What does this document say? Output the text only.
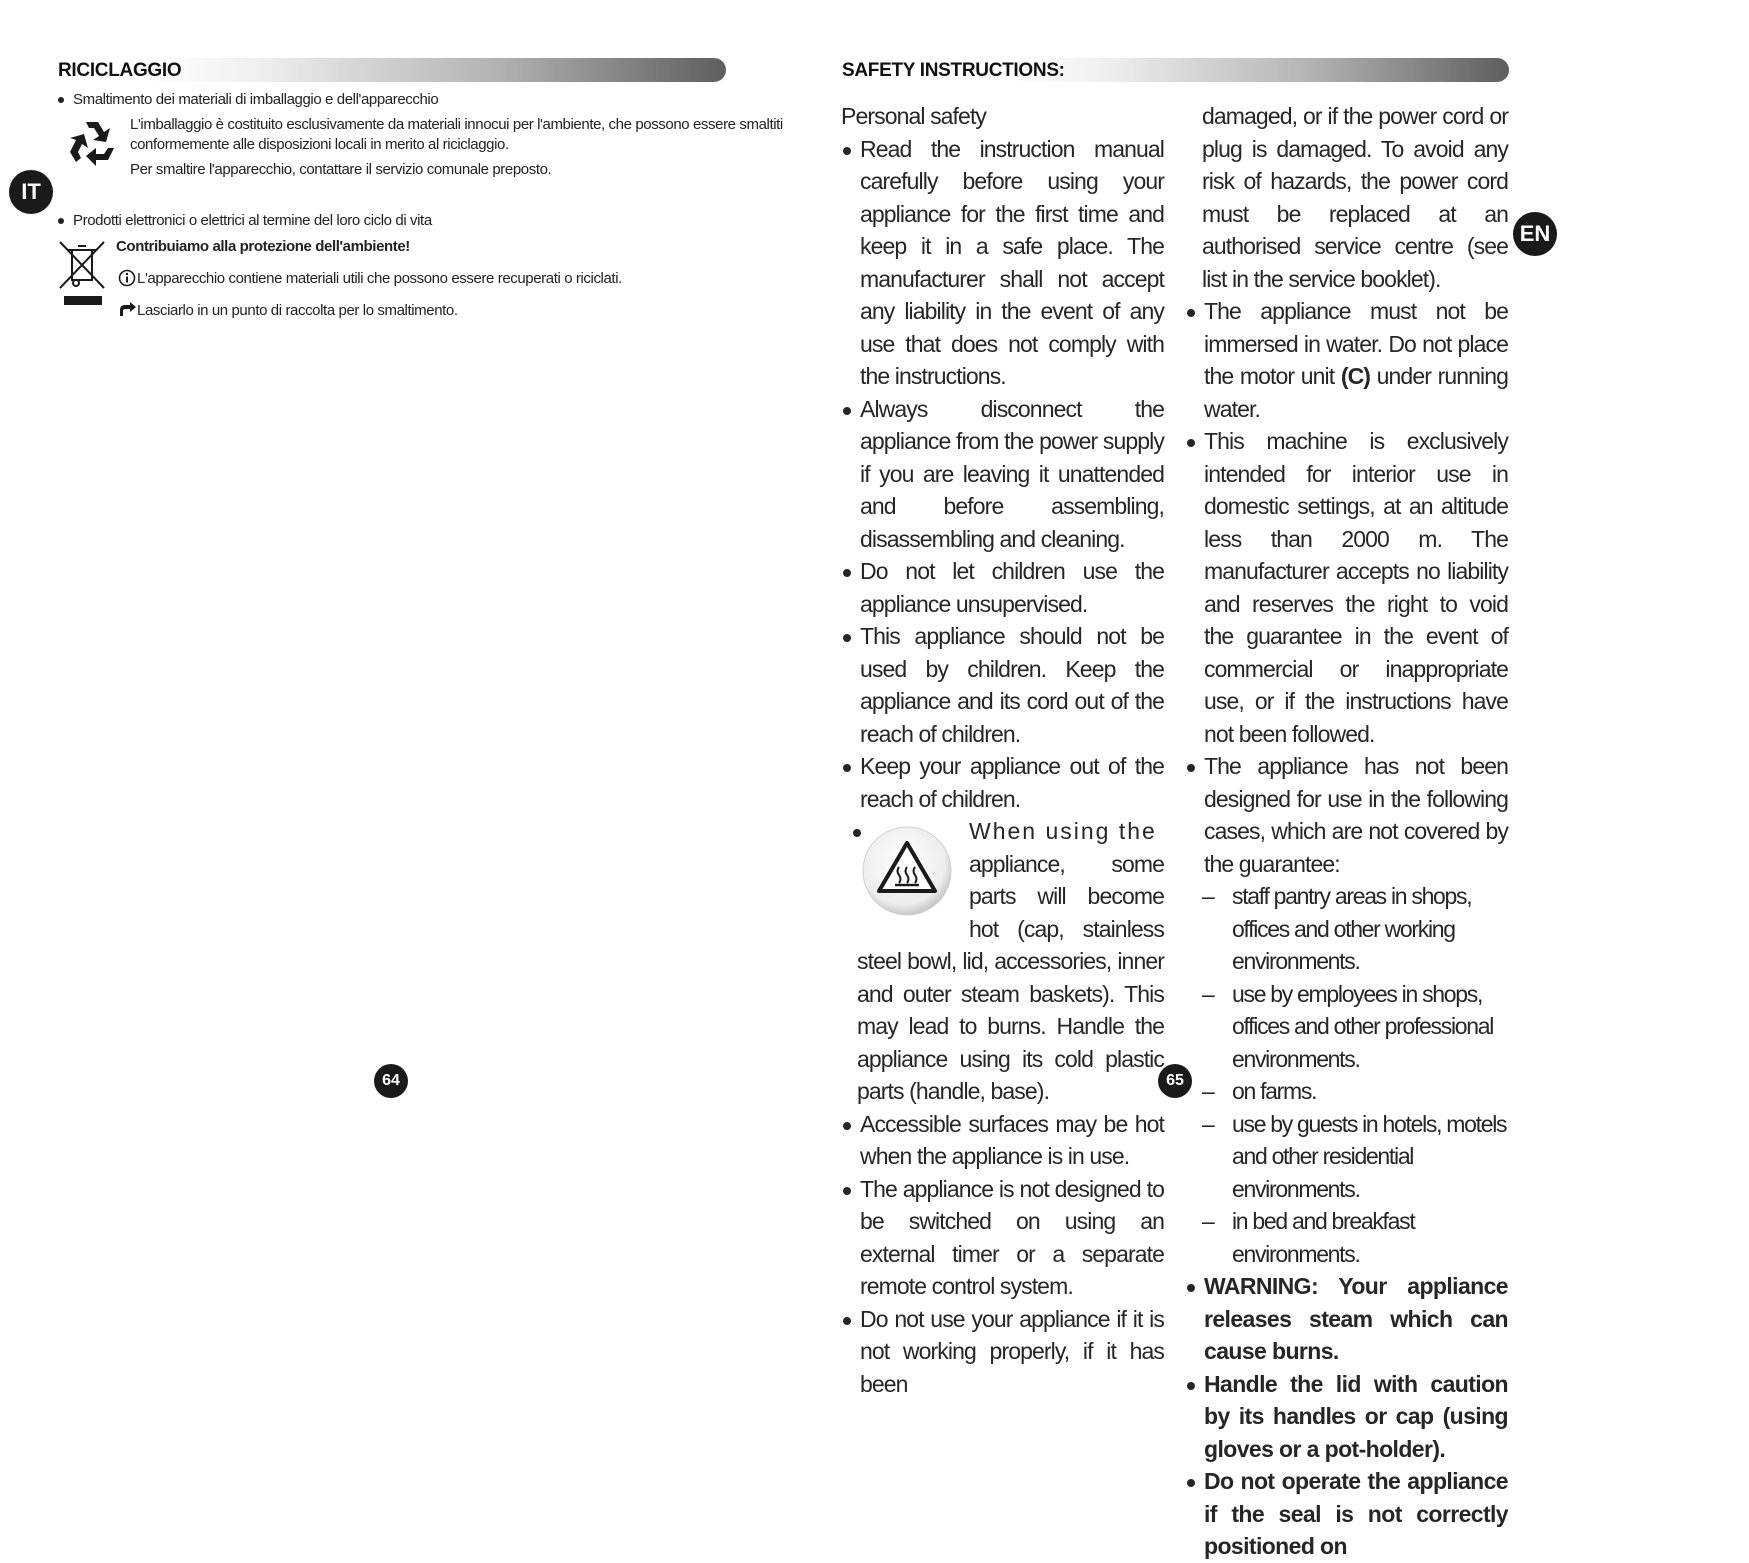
RICICLAGGIO
IT
Smaltimento dei materiali di imballaggio e dell'apparecchio
L'imballaggio è costituito esclusivamente da materiali innocui per l'ambiente, che possono essere smaltiti
conformemente alle disposizioni locali in merito al riciclaggio.
Per smaltire l'apparecchio, contattare il servizio comunale preposto.
Prodotti elettronici o elettrici al termine del loro ciclo di vita
Contribuiamo alla protezione dell'ambiente!
L'apparecchio contiene materiali utili che possono essere recuperati o riciclati.
Lasciarlo in un punto di raccolta per lo smaltimento.
64
SAFETY INSTRUCTIONS:
EN
65

Personal safety

Read the instruction manual carefully before using your appliance for the first time and keep it in a safe place. The manufacturer shall not accept any liability in the event of any use that does not comply with the instructions.

Always disconnect the appliance from the power supply if you are leaving it unattended and before assembling, disassembling and cleaning.

Do not let children use the appliance unsupervised.

This appliance should not be used by children. Keep the appliance and its cord out of the reach of children.

Keep your appliance out of the reach of children.

When using the

appliance, some parts will become hot (cap, stainless steel bowl, lid, accessories, inner and outer steam baskets). This may lead to burns. Handle the appliance using its cold plastic parts (handle, base).

Accessible surfaces may be hot when the appliance is in use.

The appliance is not designed to be switched on using an external timer or a separate remote control system.

Do not use your appliance if it is not working properly, if it has been

damaged, or if the power cord or plug is damaged. To avoid any risk of hazards, the power cord must be replaced at an authorised service centre (see list in the service booklet).

The appliance must not be immersed in water. Do not place the motor unit (C) under running water.

This machine is exclusively intended for interior use in domestic settings, at an altitude less than 2000 m. The manufacturer accepts no liability and reserves the right to void the guarantee in the event of commercial or inappropriate use, or if the instructions have not been followed.

The appliance has not been designed for use in the following cases, which are not covered by the guarantee:

– staff pantry areas in shops, offices and other working environments.

– use by employees in shops, offices and other professional environments.

– on farms.

– use by guests in hotels, motels and other residential environments.

– in bed and breakfast environments.

WARNING: Your appliance releases steam which can cause burns.

Handle the lid with caution by its handles or cap (using gloves or a pot-holder).

Do not operate the appliance if the seal is not correctly positioned on
